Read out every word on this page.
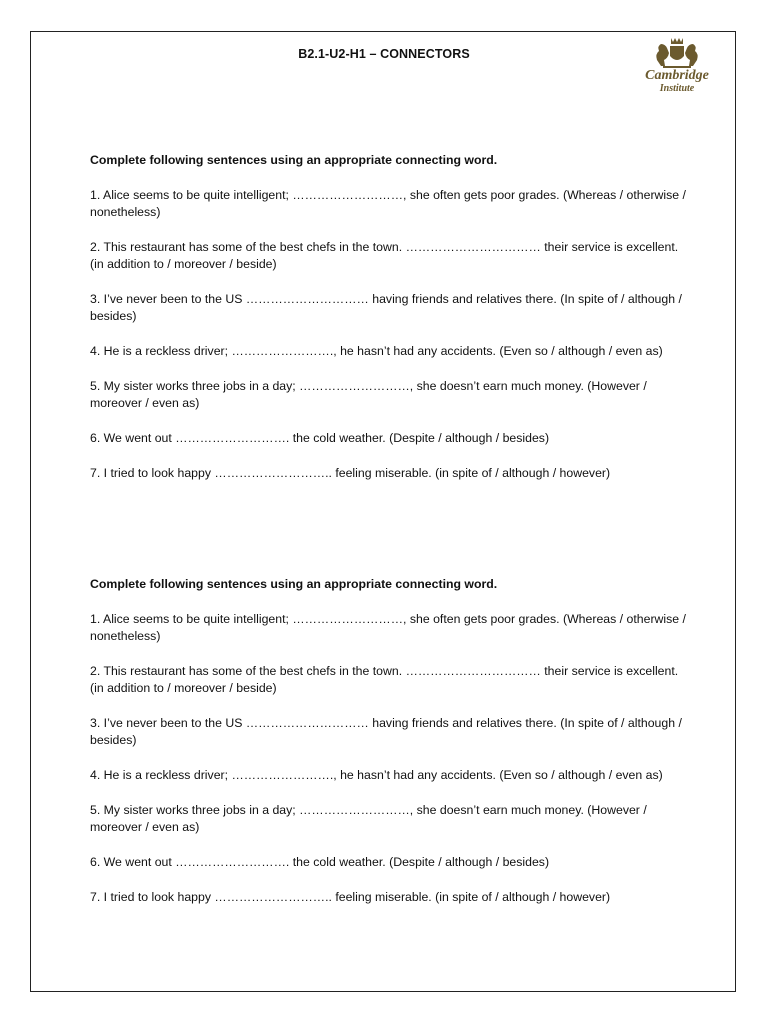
B2.1-U2-H1 – CONNECTORS
Cambridge
Institute

Complete following sentences using an appropriate connecting word.

1. Alice seems to be quite intelligent; ………………………, she often gets poor grades. (Whereas / otherwise / nonetheless)

2. This restaurant has some of the best chefs in the town. …………………………… their service is excellent. (in addition to / moreover / beside)

3. I’ve never been to the US ………………………… having friends and relatives there. (In spite of / although / besides)

4. He is a reckless driver; ……………………., he hasn’t had any accidents. (Even so / although / even as)

5. My sister works three jobs in a day; ………………………, she doesn’t earn much money. (However / moreover / even as)

6. We went out ………………………. the cold weather. (Despite / although / besides)

7. I tried to look happy ……………………….. feeling miserable. (in spite of / although / however)

Complete following sentences using an appropriate connecting word.

1. Alice seems to be quite intelligent; ………………………, she often gets poor grades. (Whereas / otherwise / nonetheless)

2. This restaurant has some of the best chefs in the town. …………………………… their service is excellent. (in addition to / moreover / beside)

3. I’ve never been to the US ………………………… having friends and relatives there. (In spite of / although / besides)

4. He is a reckless driver; ……………………., he hasn’t had any accidents. (Even so / although / even as)

5. My sister works three jobs in a day; ………………………, she doesn’t earn much money. (However / moreover / even as)

6. We went out ………………………. the cold weather. (Despite / although / besides)

7. I tried to look happy ……………………….. feeling miserable. (in spite of / although / however)
